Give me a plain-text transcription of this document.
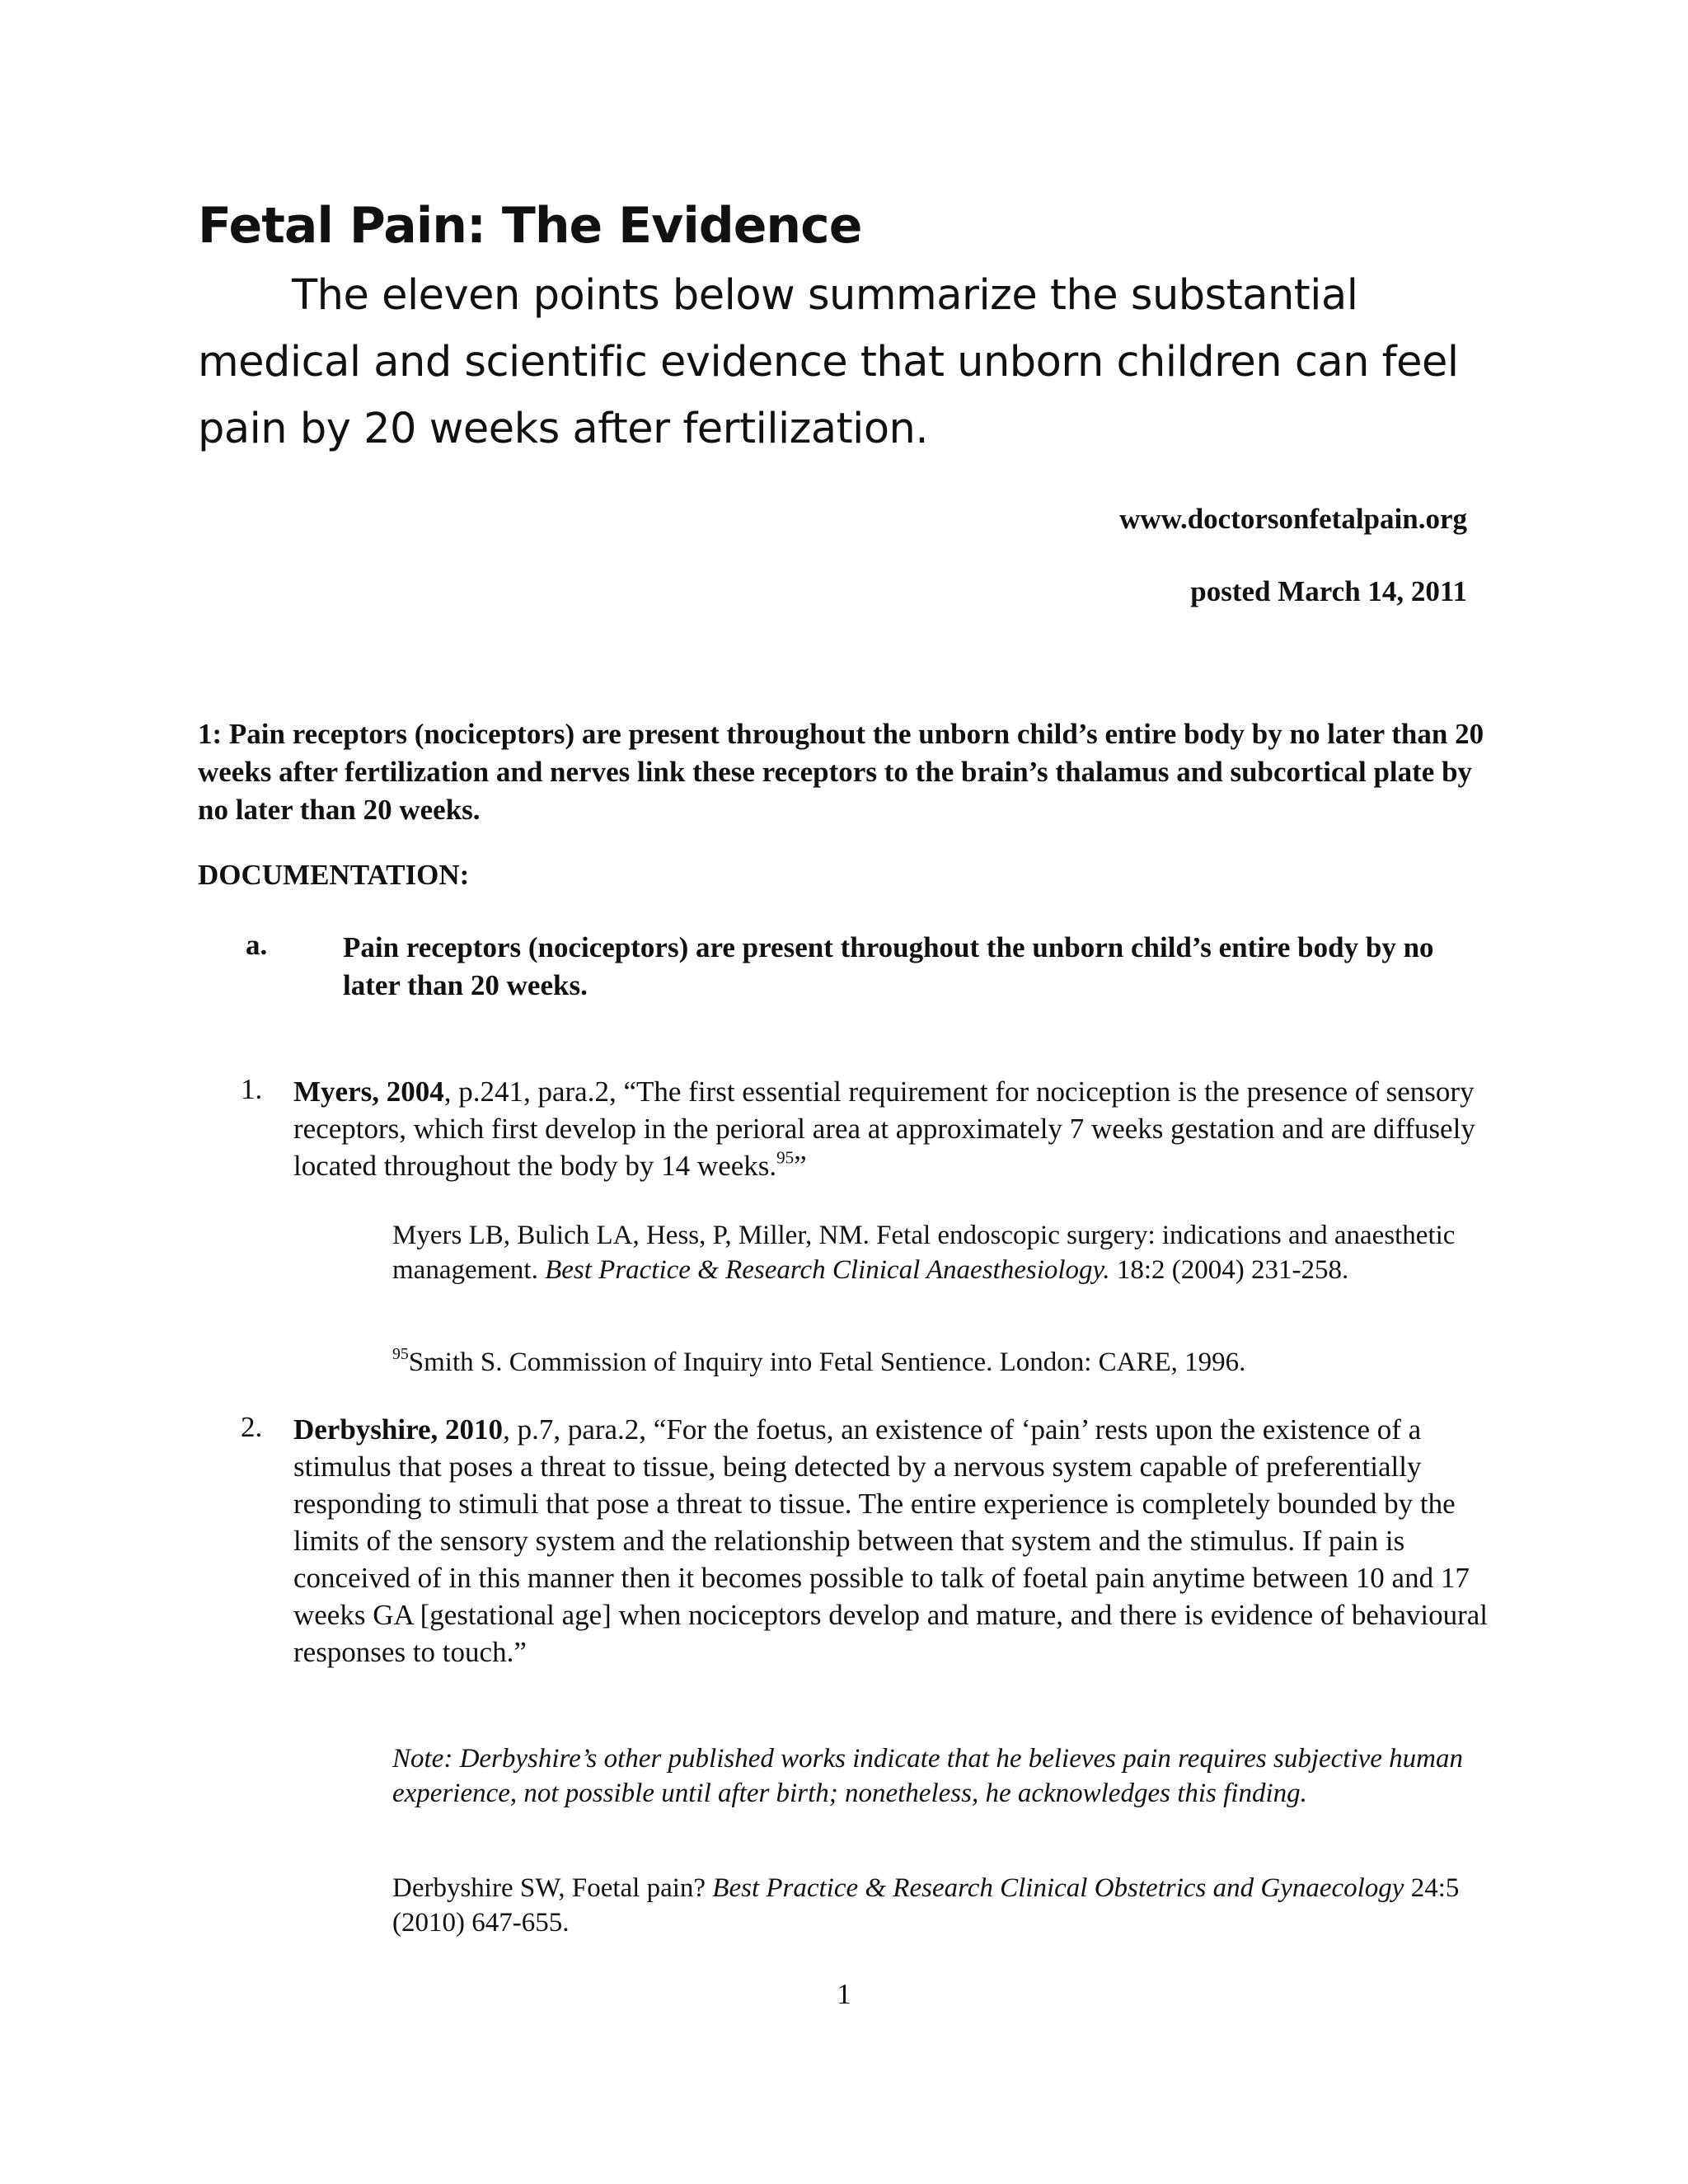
Fetal Pain: The Evidence
The eleven points below summarize the substantial medical and scientific evidence that unborn children can feel pain by 20 weeks after fertilization.
www.doctorsonfetalpain.org
posted March 14, 2011
1: Pain receptors (nociceptors) are present throughout the unborn child’s entire body by no later than 20 weeks after fertilization and nerves link these receptors to the brain’s thalamus and subcortical plate by no later than 20 weeks.
DOCUMENTATION:
a.	Pain receptors (nociceptors) are present throughout the unborn child’s entire body by no later than 20 weeks.
1. Myers, 2004, p.241, para.2, “The first essential requirement for nociception is the presence of sensory receptors, which first develop in the perioral area at approximately 7 weeks gestation and are diffusely located throughout the body by 14 weeks.$^{95}$”
Myers LB, Bulich LA, Hess, P, Miller, NM. Fetal endoscopic surgery: indications and anaesthetic management. Best Practice & Research Clinical Anaesthesiology. 18:2 (2004) 231-258.
$^{95}$Smith S. Commission of Inquiry into Fetal Sentience. London: CARE, 1996.
2. Derbyshire, 2010, p.7, para.2, “For the foetus, an existence of ‘pain’ rests upon the existence of a stimulus that poses a threat to tissue, being detected by a nervous system capable of preferentially responding to stimuli that pose a threat to tissue. The entire experience is completely bounded by the limits of the sensory system and the relationship between that system and the stimulus. If pain is conceived of in this manner then it becomes possible to talk of foetal pain anytime between 10 and 17 weeks GA [gestational age] when nociceptors develop and mature, and there is evidence of behavioural responses to touch.”
Note: Derbyshire’s other published works indicate that he believes pain requires subjective human experience, not possible until after birth; nonetheless, he acknowledges this finding.
Derbyshire SW, Foetal pain? Best Practice & Research Clinical Obstetrics and Gynaecology 24:5 (2010) 647-655.
1
